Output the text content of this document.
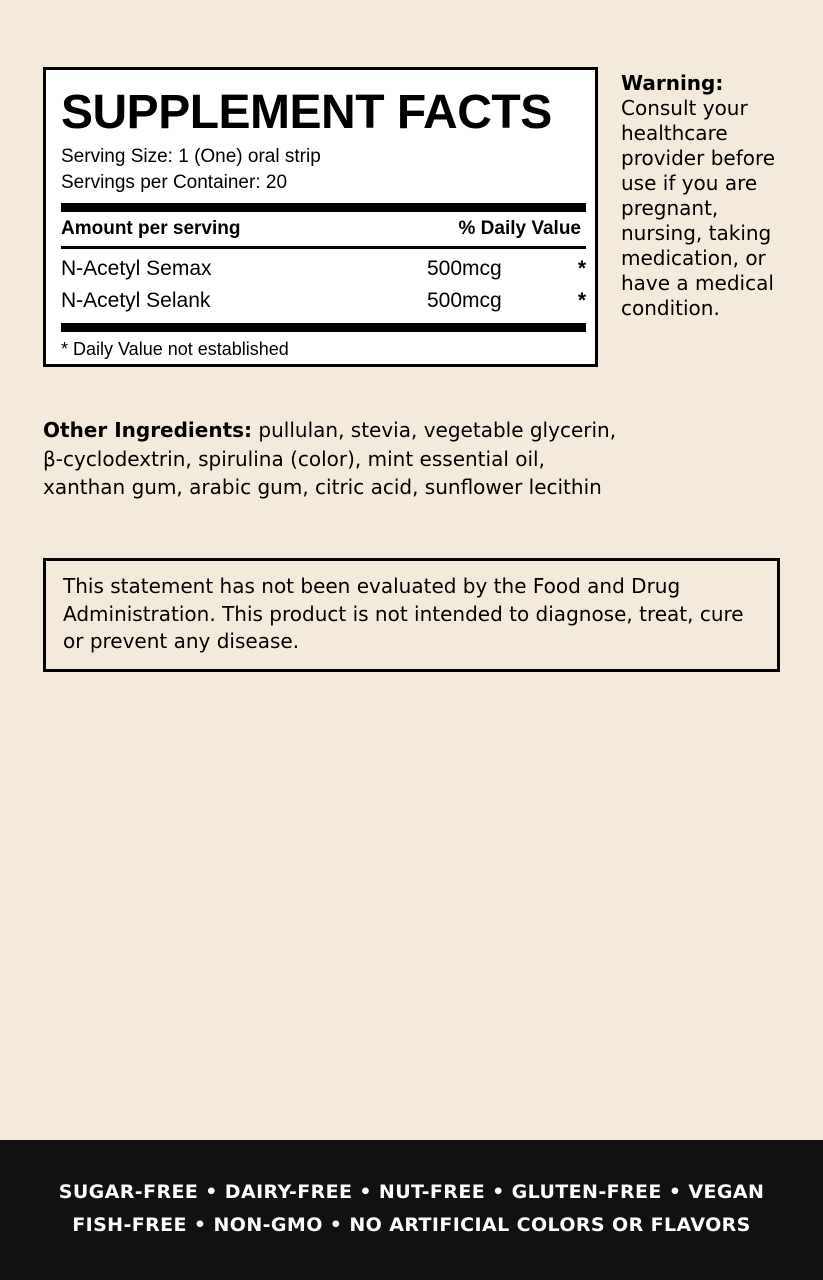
SUPPLEMENT FACTS
Serving Size: 1 (One) oral strip
Servings per Container: 20
Amount per serving	% Daily Value
N-Acetyl Semax	500mcg	*
N-Acetyl Selank	500mcg	*
* Daily Value not established
Warning:
Consult your healthcare provider before use if you are pregnant, nursing, taking medication, or have a medical condition.
Other Ingredients: pullulan, stevia, vegetable glycerin, β-cyclodextrin, spirulina (color), mint essential oil, xanthan gum, arabic gum, citric acid, sunflower lecithin
This statement has not been evaluated by the Food and Drug Administration. This product is not intended to diagnose, treat, cure or prevent any disease.
SUGAR-FREE • DAIRY-FREE • NUT-FREE • GLUTEN-FREE • VEGAN
FISH-FREE • NON-GMO • NO ARTIFICIAL COLORS OR FLAVORS
